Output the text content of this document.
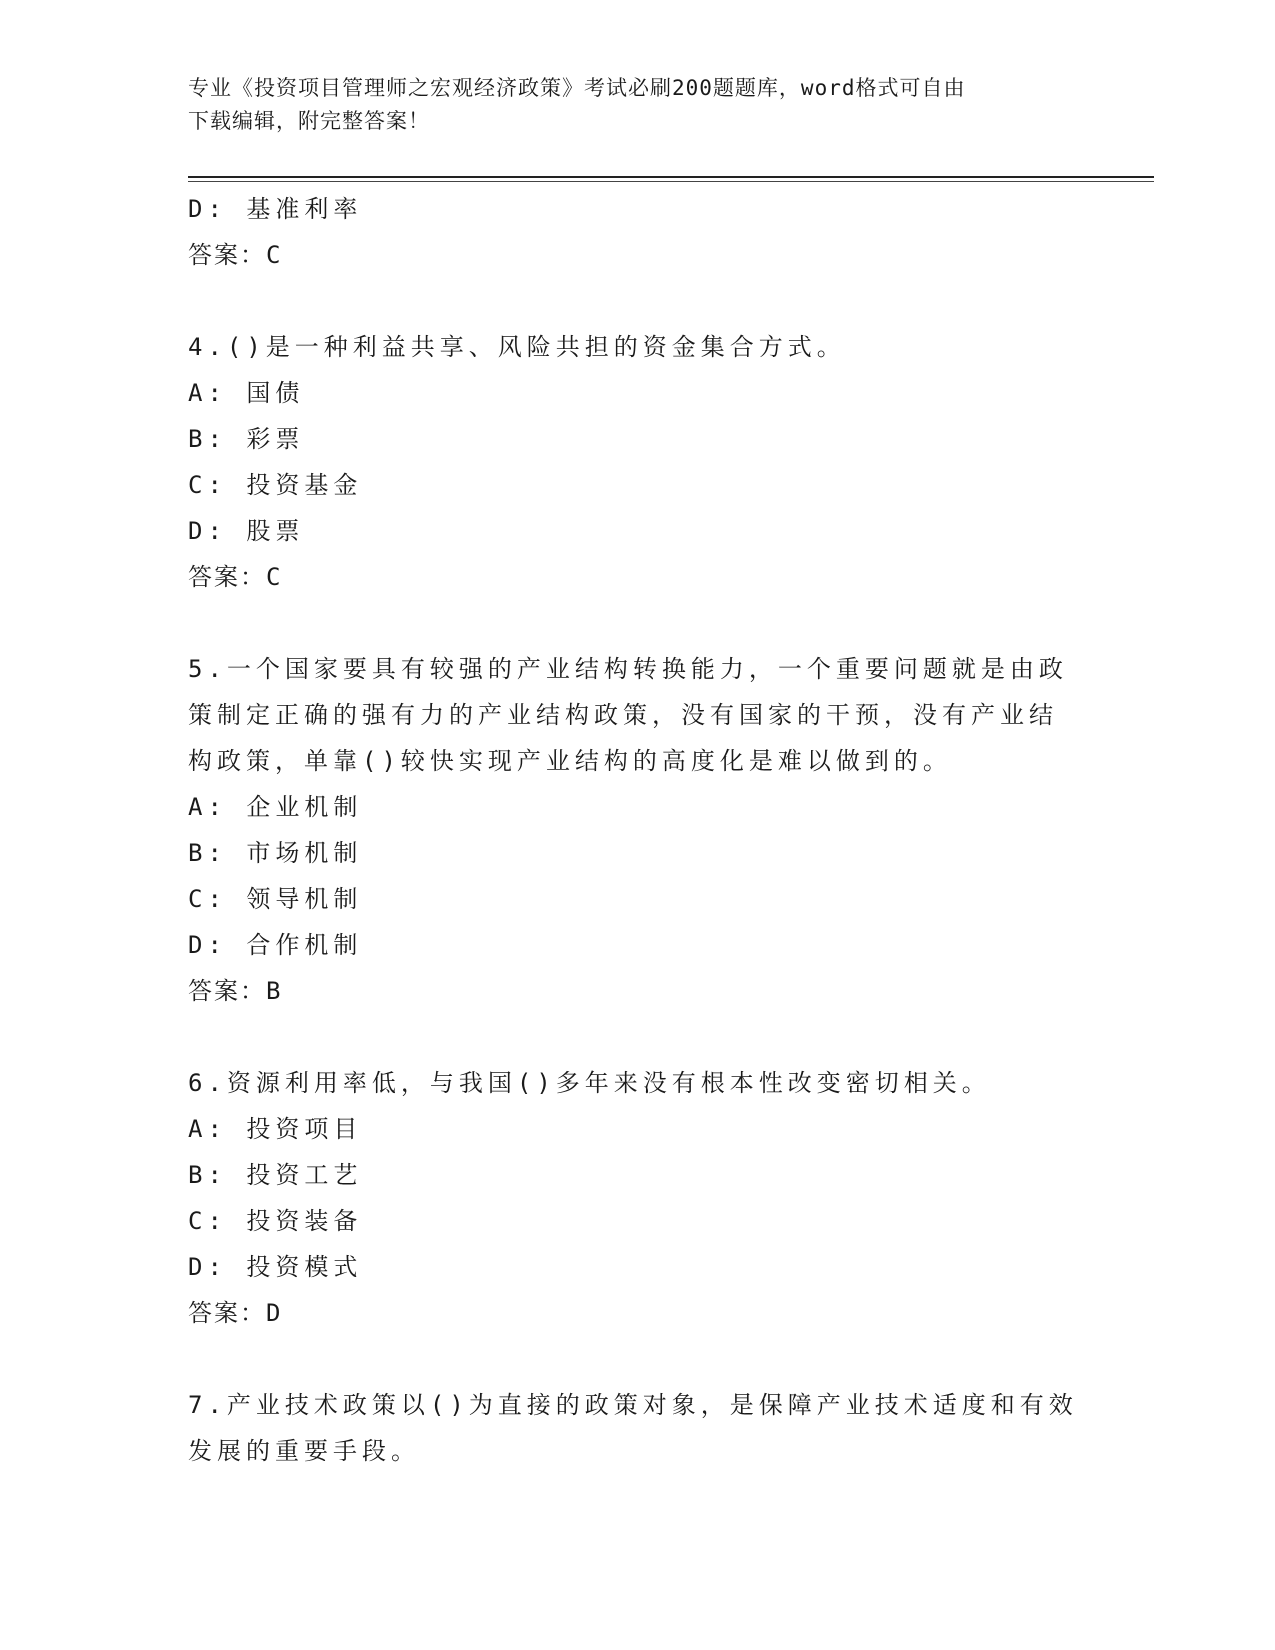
专业《投资项目管理师之宏观经济政策》考试必刷200题题库，word格式可自由
下载编辑，附完整答案！
D: 基准利率
答案：C
4.()是一种利益共享、风险共担的资金集合方式。
A: 国债
B: 彩票
C: 投资基金
D: 股票
答案：C
5.一个国家要具有较强的产业结构转换能力，一个重要问题就是由政
策制定正确的强有力的产业结构政策，没有国家的干预，没有产业结
构政策，单靠()较快实现产业结构的高度化是难以做到的。
A: 企业机制
B: 市场机制
C: 领导机制
D: 合作机制
答案：B
6.资源利用率低，与我国()多年来没有根本性改变密切相关。
A: 投资项目
B: 投资工艺
C: 投资装备
D: 投资模式
答案：D
7.产业技术政策以()为直接的政策对象，是保障产业技术适度和有效
发展的重要手段。
